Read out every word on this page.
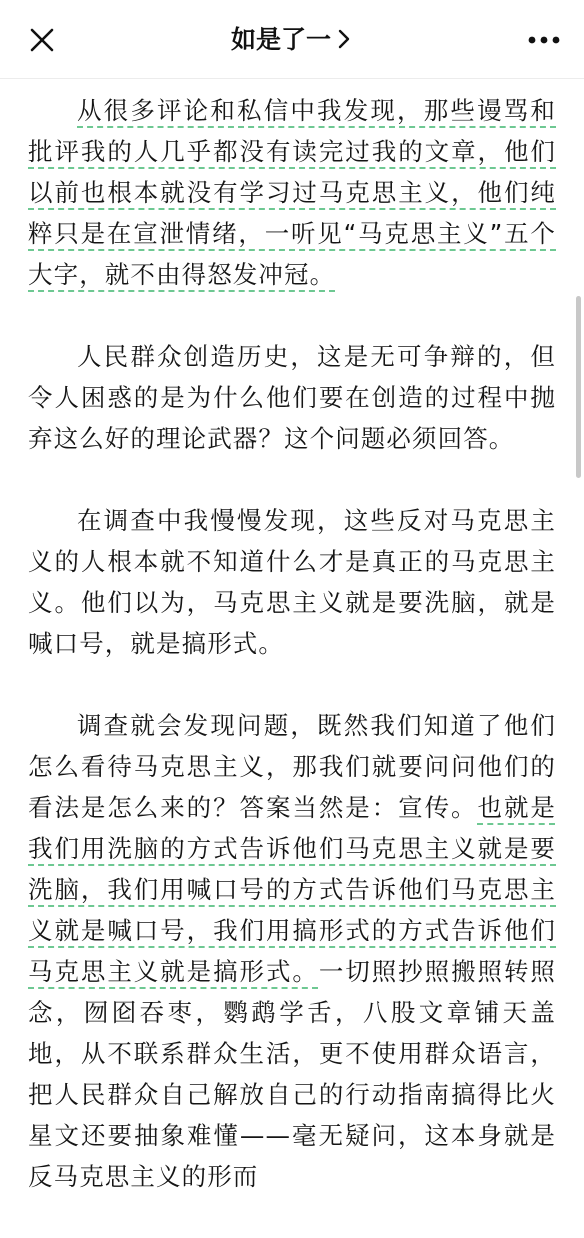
如是了一

从很多评论和私信中我发现，那些谩骂和批评我的人几乎都没有读完过我的文章，他们以前也根本就没有学习过马克思主义，他们纯粹只是在宣泄情绪，一听见“马克思主义”五个大字，就不由得怒发冲冠。

人民群众创造历史，这是无可争辩的，但令人困惑的是为什么他们要在创造的过程中抛弃这么好的理论武器？这个问题必须回答。

在调查中我慢慢发现，这些反对马克思主义的人根本就不知道什么才是真正的马克思主义。他们以为，马克思主义就是要洗脑，就是喊口号，就是搞形式。

调查就会发现问题，既然我们知道了他们怎么看待马克思主义，那我们就要问问他们的看法是怎么来的？答案当然是：宣传。也就是我们用洗脑的方式告诉他们马克思主义就是要洗脑，我们用喊口号的方式告诉他们马克思主义就是喊口号，我们用搞形式的方式告诉他们马克思主义就是搞形式。一切照抄照搬照转照念，囫囵吞枣，鹦鹉学舌，八股文章铺天盖地，从不联系群众生活，更不使用群众语言，把人民群众自己解放自己的行动指南搞得比火星文还要抽象难懂——毫无疑问，这本身就是反马克思主义的形而
